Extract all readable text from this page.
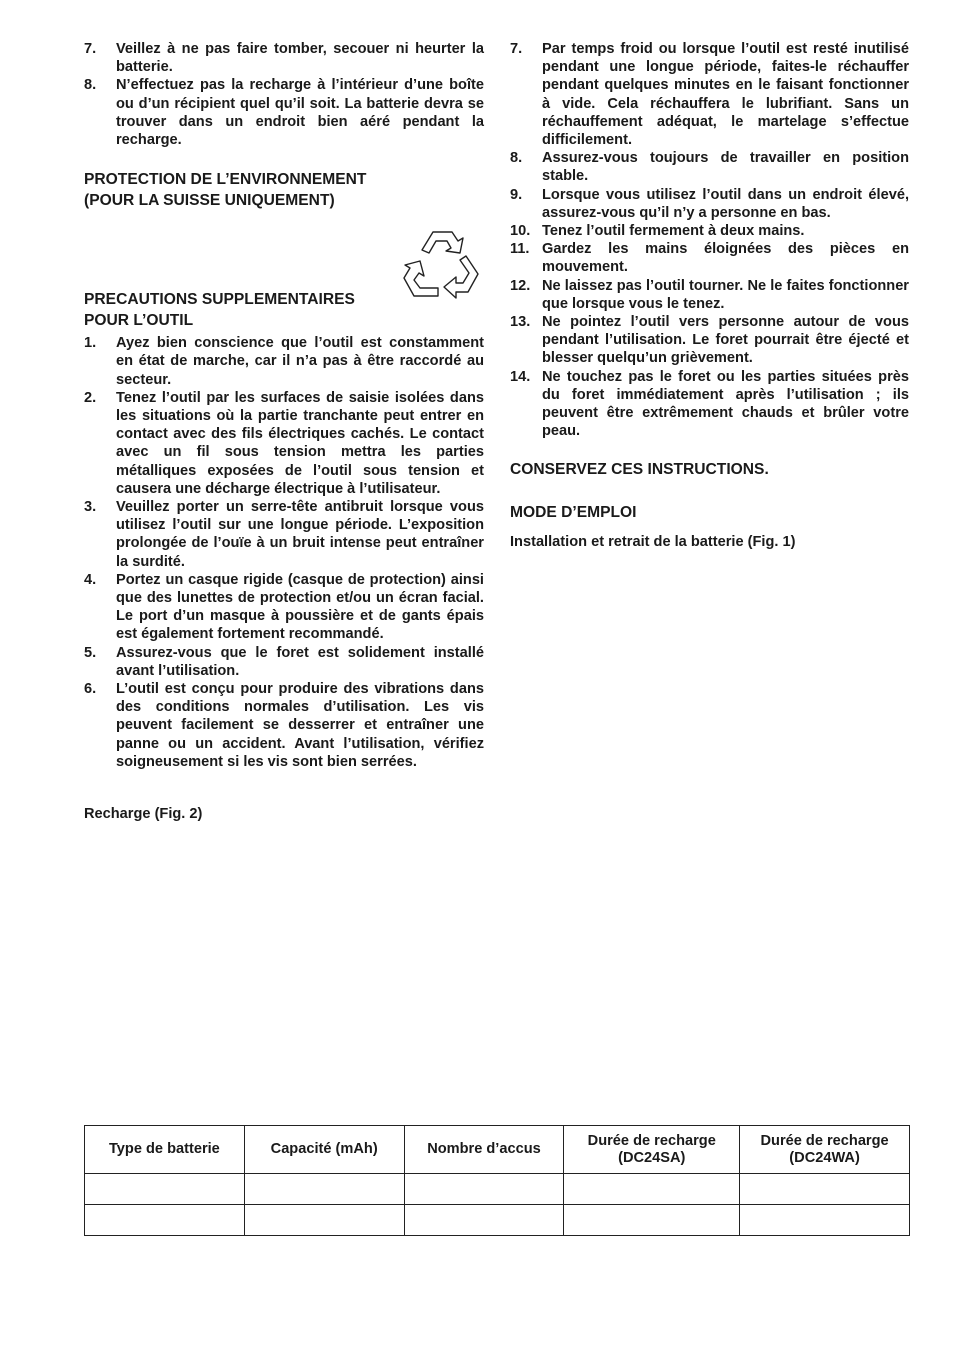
7. Veillez à ne pas faire tomber, secouer ni heurter la batterie.
8. N’effectuez pas la recharge à l’intérieur d’une boîte ou d’un récipient quel qu’il soit. La batterie devra se trouver dans un endroit bien aéré pendant la recharge.
PROTECTION DE L’ENVIRONNEMENT
(POUR LA SUISSE UNIQUEMENT)
PRECAUTIONS SUPPLEMENTAIRES
POUR L’OUTIL
1. Ayez bien conscience que l’outil est constamment en état de marche, car il n’a pas à être raccordé au secteur.
2. Tenez l’outil par les surfaces de saisie isolées dans les situations où la partie tranchante peut entrer en contact avec des fils électriques cachés. Le contact avec un fil sous tension mettra les parties métalliques exposées de l’outil sous tension et causera une décharge électrique à l’utilisateur.
3. Veuillez porter un serre-tête antibruit lorsque vous utilisez l’outil sur une longue période. L’exposition prolongée de l’ouïe à un bruit intense peut entraîner la surdité.
4. Portez un casque rigide (casque de protection) ainsi que des lunettes de protection et/ou un écran facial. Le port d’un masque à poussière et de gants épais est également fortement recommandé.
5. Assurez-vous que le foret est solidement installé avant l’utilisation.
6. L’outil est conçu pour produire des vibrations dans des conditions normales d’utilisation. Les vis peuvent facilement se desserrer et entraîner une panne ou un accident. Avant l’utilisation, vérifiez soigneusement si les vis sont bien serrées.

Recharge (Fig. 2)

7. Par temps froid ou lorsque l’outil est resté inutilisé pendant une longue période, faites-le réchauffer pendant quelques minutes en le faisant fonctionner à vide. Cela réchauffera le lubrifiant. Sans un réchauffement adéquat, le martelage s’effectue difficilement.
8. Assurez-vous toujours de travailler en position stable.
9. Lorsque vous utilisez l’outil dans un endroit élevé, assurez-vous qu’il n’y a personne en bas.
10. Tenez l’outil fermement à deux mains.
11. Gardez les mains éloignées des pièces en mouvement.
12. Ne laissez pas l’outil tourner. Ne le faites fonctionner que lorsque vous le tenez.
13. Ne pointez l’outil vers personne autour de vous pendant l’utilisation. Le foret pourrait être éjecté et blesser quelqu’un grièvement.
14. Ne touchez pas le foret ou les parties situées près du foret immédiatement après l’utilisation ; ils peuvent être extrêmement chauds et brûler votre peau.
CONSERVEZ CES INSTRUCTIONS.
MODE D’EMPLOI

Installation et retrait de la batterie (Fig. 1)

Type de batterie	Capacité (mAh)	Nombre d’accus	Durée de recharge (DC24SA)	Durée de recharge (DC24WA)
